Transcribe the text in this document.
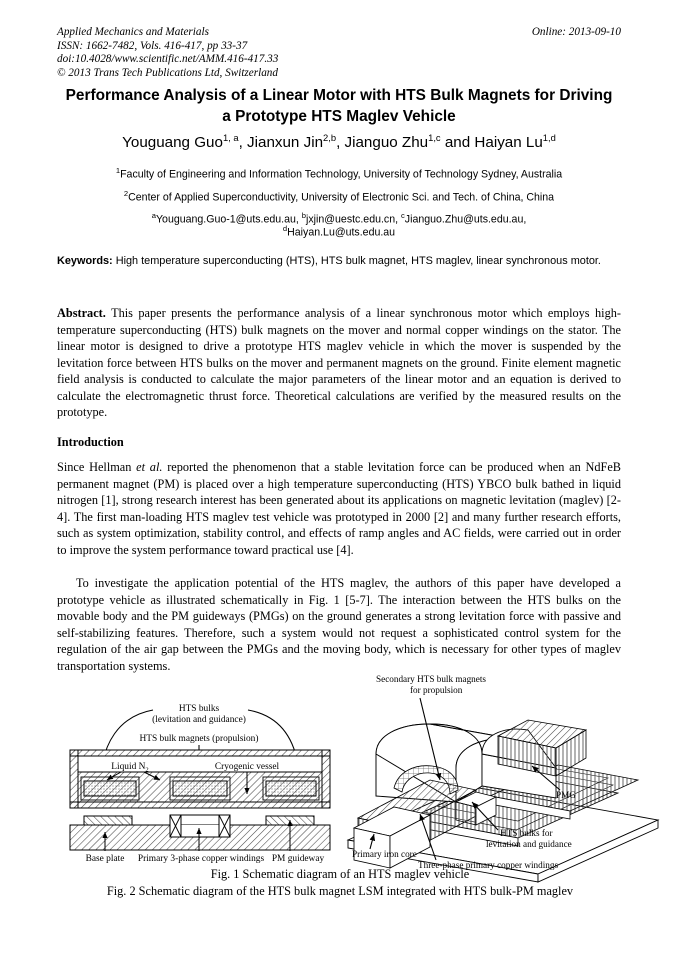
Applied Mechanics and Materials	Online: 2013-09-10
ISSN: 1662-7482, Vols. 416-417, pp 33-37
doi:10.4028/www.scientific.net/AMM.416-417.33
© 2013 Trans Tech Publications Ltd, Switzerland
Performance Analysis of a Linear Motor with HTS Bulk Magnets for Driving a Prototype HTS Maglev Vehicle
Youguang Guo$^{1, a}$, Jianxun Jin$^{2,b}$, Jianguo Zhu$^{1,c}$ and Haiyan Lu$^{1,d}$
$^1$Faculty of Engineering and Information Technology, University of Technology Sydney, Australia
$^2$Center of Applied Superconductivity, University of Electronic Sci. and Tech. of China, China
$^a$Youguang.Guo-1@uts.edu.au, $^b$jxjin@uestc.edu.cn, $^c$Jianguo.Zhu@uts.edu.au,
$^d$Haiyan.Lu@uts.edu.au
Keywords: High temperature superconducting (HTS), HTS bulk magnet, HTS maglev, linear synchronous motor.
Abstract. This paper presents the performance analysis of a linear synchronous motor which employs high-temperature superconducting (HTS) bulk magnets on the mover and normal copper windings on the stator. The linear motor is designed to drive a prototype HTS maglev vehicle in which the mover is suspended by the levitation force between HTS bulks on the mover and permanent magnets on the ground. Finite element magnetic field analysis is conducted to calculate the major parameters of the linear motor and an equation is derived to calculate the electromagnetic thrust force. Theoretical calculations are verified by the measured results on the prototype.
Introduction
Since Hellman et al. reported the phenomenon that a stable levitation force can be produced when an NdFeB permanent magnet (PM) is placed over a high temperature superconducting (HTS) YBCO bulk bathed in liquid nitrogen [1], strong research interest has been generated about its applications on magnetic levitation (maglev) [2-4]. The first man-loading HTS maglev test vehicle was prototyped in 2000 [2] and many further research efforts, such as system optimization, stability control, and effects of ramp angles and AC fields, were carried out in order to improve the system performance toward practical use [4].
To investigate the application potential of the HTS maglev, the authors of this paper have developed a prototype vehicle as illustrated schematically in Fig. 1 [5-7]. The interaction between the HTS bulks on the movable body and the PM guideways (PMGs) on the ground generates a strong levitation force with passive and self-stabilizing features. Therefore, such a system would not request a sophisticated control system for the regulation of the air gap between the PMGs and the moving body, which is necessary for other types of maglev transportation systems.
HTS bulks
(levitation and guidance)
HTS bulk magnets (propulsion)
Liquid $N_2$	Cryogenic vessel
Base plate Primary 3-phase copper windings PM guideway
Secondary HTS bulk magnets
for propulsion
PMG
HTS bulks for
levitation and guidance
Primary iron core
Three-phase primary copper windings
Fig. 1 Schematic diagram of an HTS maglev vehicle
Fig. 2 Schematic diagram of the HTS bulk magnet LSM integrated with HTS bulk-PM maglev
